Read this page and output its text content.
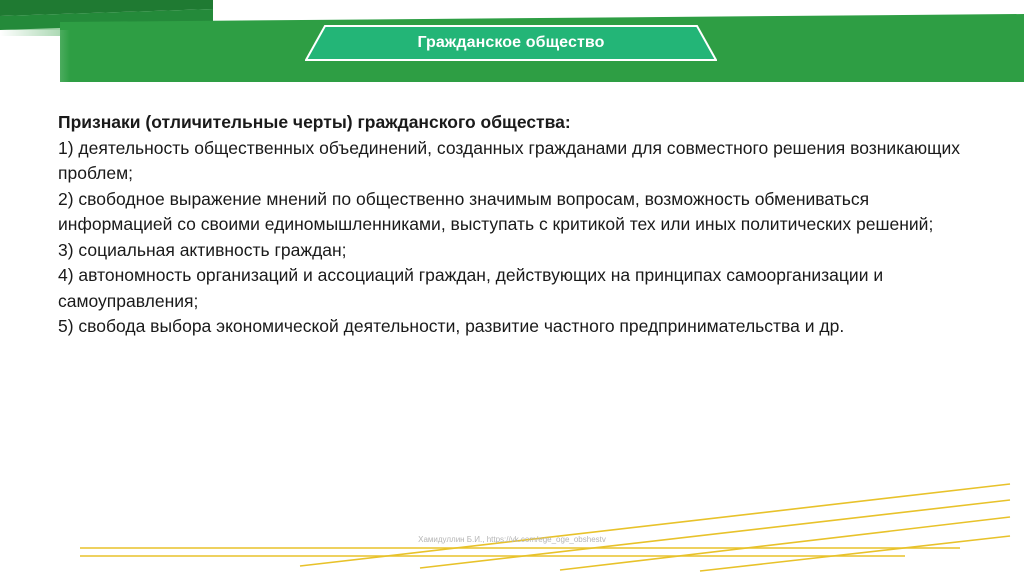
Гражданское общество

Признаки (отличительные черты) гражданского общества:

1) деятельность общественных объединений, созданных гражданами для совместного решения возникающих проблем;

2) свободное выражение мнений по общественно значимым вопросам, возможность обмениваться информацией со своими единомышленниками, выступать с критикой тех или иных политических решений;

3) социальная активность граждан;

4) автономность организаций и ассоциаций граждан, действующих на принципах самоорганизации и самоуправления;

5) свобода выбора экономической деятельности, развитие частного предпринимательства и др.

Хамидуллин Б.И., https://vk.com/ege_oge_obshestv
